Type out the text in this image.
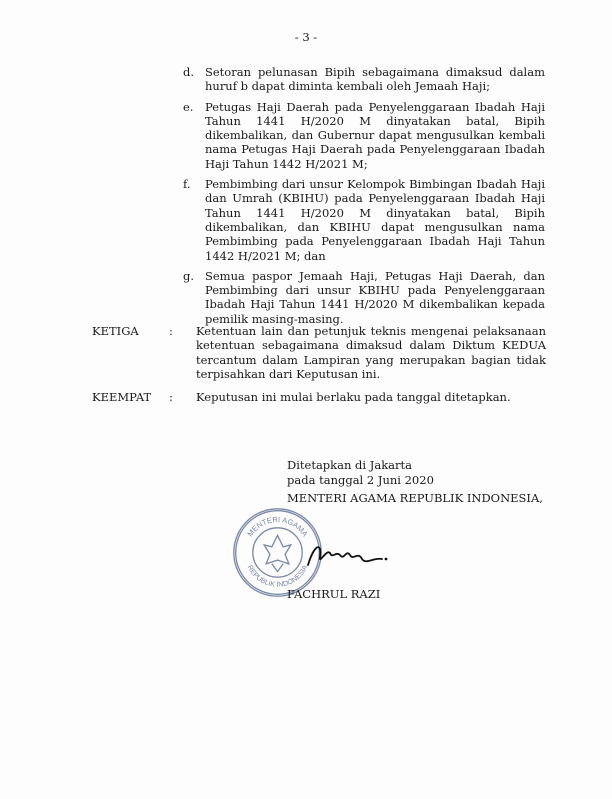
- 3 -
d. Setoran pelunasan Bipih sebagaimana dimaksud dalam huruf b dapat diminta kembali oleh Jemaah Haji;
e.	Petugas Haji Daerah pada Penyelenggaraan Ibadah Haji Tahun 1441 H/2020 M dinyatakan batal, Bipih dikembalikan, dan Gubernur dapat mengusulkan kembali nama Petugas Haji Daerah pada Penyelenggaraan Ibadah Haji Tahun 1442 H/2021 M;
f.	Pembimbing dari unsur Kelompok Bimbingan Ibadah Haji dan Umrah (KBIHU) pada Penyelenggaraan Ibadah Haji Tahun 1441 H/2020 M dinyatakan batal, Bipih dikembalikan, dan KBIHU dapat mengusulkan nama Pembimbing pada Penyelenggaraan Ibadah Haji Tahun 1442 H/2021 M; dan
g. Semua paspor Jemaah Haji, Petugas Haji Daerah, dan Pembimbing dari unsur KBIHU pada Penyelenggaraan Ibadah Haji Tahun 1441 H/2020 M dikembalikan kepada pemilik masing-masing.
KETIGA	:	Ketentuan lain dan petunjuk teknis mengenai pelaksanaan ketentuan sebagaimana dimaksud dalam Diktum KEDUA tercantum dalam Lampiran yang merupakan bagian tidak terpisahkan dari Keputusan ini.
KEEMPAT	:	Keputusan ini mulai berlaku pada tanggal ditetapkan.
Ditetapkan di Jakarta
pada tanggal 2 Juni 2020
MENTERI AGAMA REPUBLIK INDONESIA,
MENTERI AGAMA
REPUBLIK INDONESIA
FACHRUL RAZI
